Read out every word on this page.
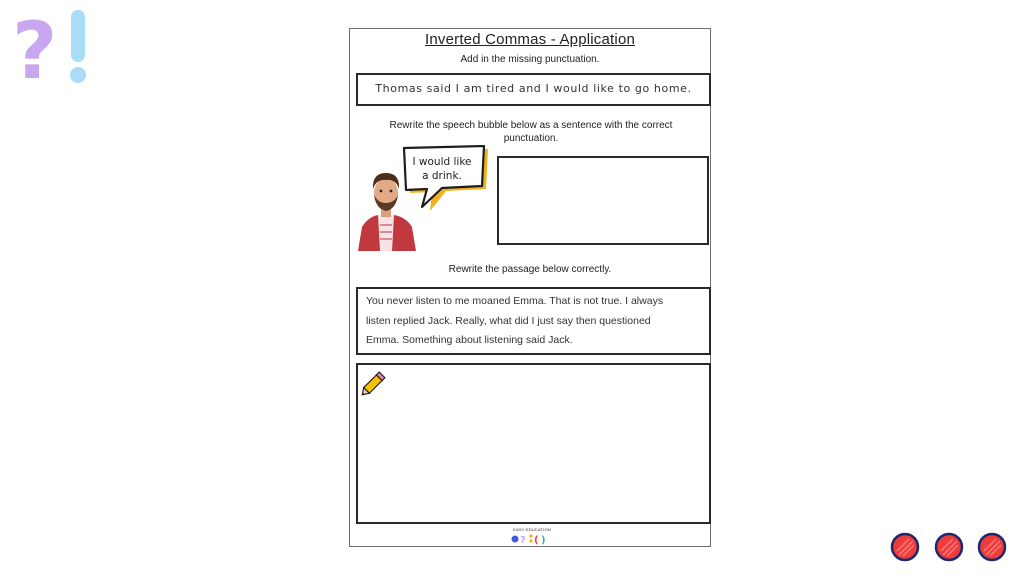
?	Inverted Commas - Application
Add in the missing punctuation.
Thomas said I am tired and I would like to go home.
Rewrite the speech bubble below as a sentence with the correct punctuation.
I would like
a drink.
Rewrite the passage below correctly.
You never listen to me moaned Emma. That is not true. I always
listen replied Jack. Really, what did I just say then questioned
Emma. Something about listening said Jack.
EASY EDUCATION
? ( )
